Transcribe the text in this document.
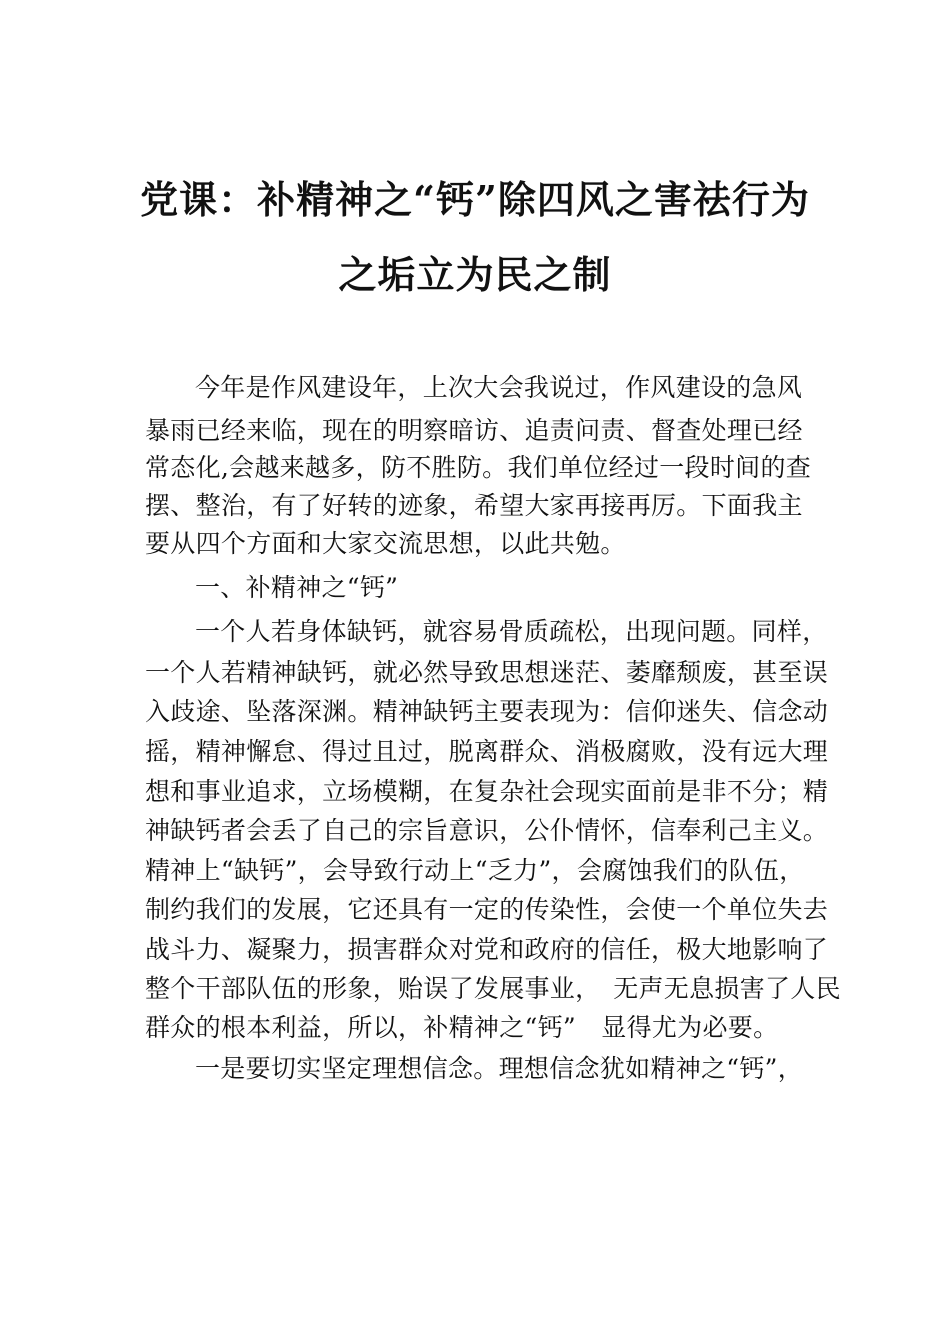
党课：补精神之“钙”除四风之害祛行为
之垢立为民之制
今年是作风建设年，上次大会我说过，作风建设的急风
暴雨已经来临，现在的明察暗访、追责问责、督查处理已经
常态化,会越来越多，防不胜防。我们单位经过一段时间的查
摆、整治，有了好转的迹象，希望大家再接再厉。下面我主
要从四个方面和大家交流思想，以此共勉。
一、补精神之“钙”
一个人若身体缺钙，就容易骨质疏松，出现问题。同样，
一个人若精神缺钙，就必然导致思想迷茫、萎靡颓废，甚至误
入歧途、坠落深渊。精神缺钙主要表现为：信仰迷失、信念动
摇，精神懈怠、得过且过，脱离群众、消极腐败，没有远大理
想和事业追求，立场模糊，在复杂社会现实面前是非不分；精
神缺钙者会丢了自己的宗旨意识，公仆情怀，信奉利己主义。
精神上“缺钙”，会导致行动上“乏力”，会腐蚀我们的队伍，
制约我们的发展，它还具有一定的传染性，会使一个单位失去
战斗力、凝聚力，损害群众对党和政府的信任，极大地影响了
整个干部队伍的形象，贻误了发展事业，　无声无息损害了人民
群众的根本利益，所以，补精神之“钙”　显得尤为必要。
一是要切实坚定理想信念。理想信念犹如精神之“钙”，
